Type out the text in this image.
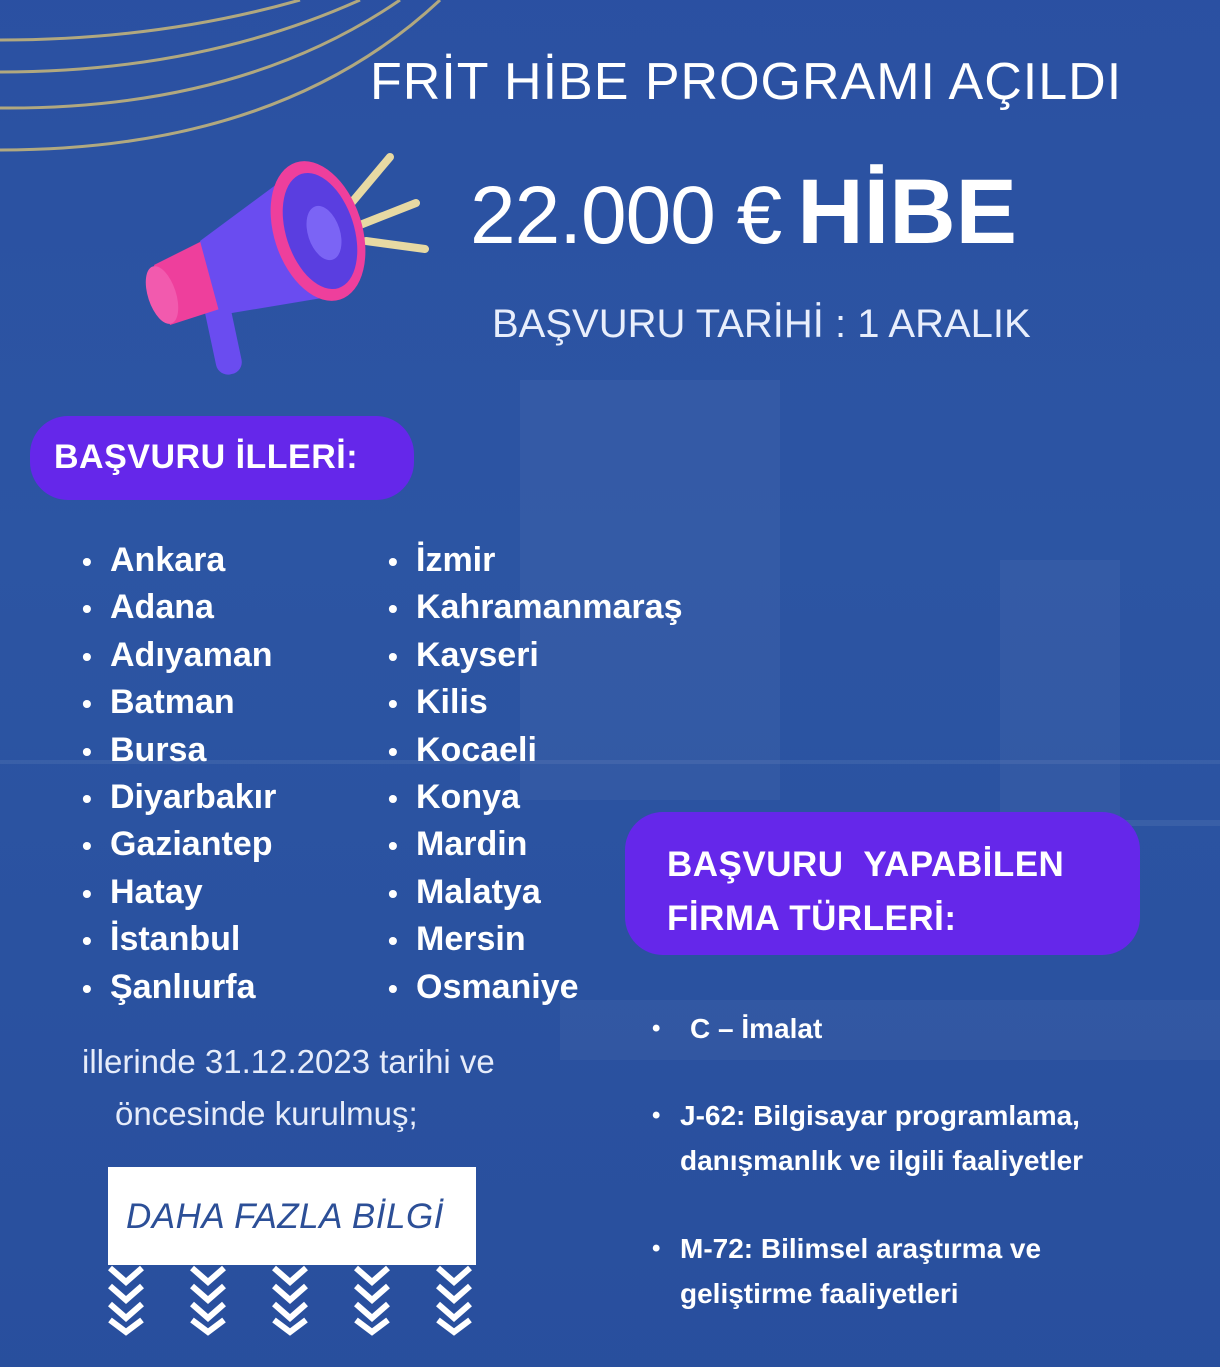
FRİT HİBE PROGRAMI AÇILDI
22.000 € HİBE
BAŞVURU TARİHİ : 1 ARALIK
BAŞVURU İLLERİ:
• Ankara
• Adana
• Adıyaman
• Batman
• Bursa
• Diyarbakır
• Gaziantep
• Hatay
• İstanbul
• Şanlıurfa
• İzmir
• Kahramanmaraş
• Kayseri
• Kilis
• Kocaeli
• Konya
• Mardin
• Malatya
• Mersin
• Osmaniye
illerinde 31.12.2023 tarihi ve
öncesinde kurulmuş;
DAHA FAZLA BİLGİ
BAŞVURU  YAPABİLEN
FİRMA TÜRLERİ:
• C – İmalat
• J-62: Bilgisayar programlama,
danışmanlık ve ilgili faaliyetler
• M-72: Bilimsel araştırma ve
geliştirme faaliyetleri
